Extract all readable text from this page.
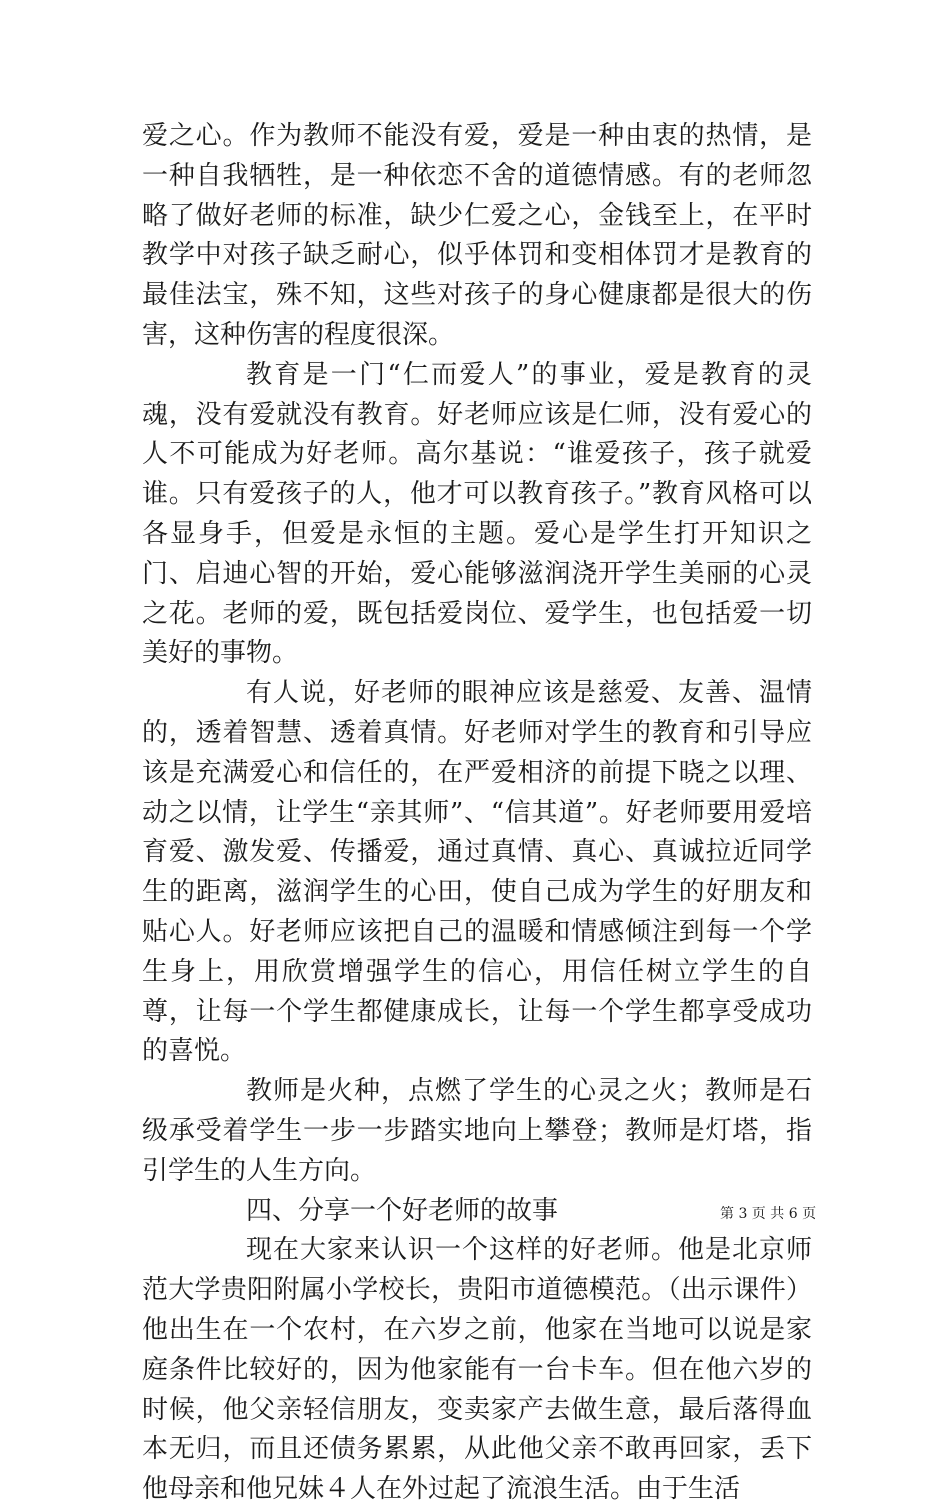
爱之心。作为教师不能没有爱，爱是一种由衷的热情，是一种自我牺牲，是一种依恋不舍的道德情感。有的老师忽略了做好老师的标准，缺少仁爱之心，金钱至上，在平时教学中对孩子缺乏耐心，似乎体罚和变相体罚才是教育的最佳法宝，殊不知，这些对孩子的身心健康都是很大的伤害，这种伤害的程度很深。

教育是一门“仁而爱人”的事业，爱是教育的灵魂，没有爱就没有教育。好老师应该是仁师，没有爱心的人不可能成为好老师。高尔基说：“谁爱孩子，孩子就爱谁。只有爱孩子的人，他才可以教育孩子。”教育风格可以各显身手，但爱是永恒的主题。爱心是学生打开知识之门、启迪心智的开始，爱心能够滋润浇开学生美丽的心灵之花。老师的爱，既包括爱岗位、爱学生，也包括爱一切美好的事物。

有人说，好老师的眼神应该是慈爱、友善、温情的，透着智慧、透着真情。好老师对学生的教育和引导应该是充满爱心和信任的，在严爱相济的前提下晓之以理、动之以情，让学生“亲其师”、“信其道”。好老师要用爱培育爱、激发爱、传播爱，通过真情、真心、真诚拉近同学生的距离，滋润学生的心田，使自己成为学生的好朋友和贴心人。好老师应该把自己的温暖和情感倾注到每一个学生身上，用欣赏增强学生的信心，用信任树立学生的自尊，让每一个学生都健康成长，让每一个学生都享受成功的喜悦。

教师是火种，点燃了学生的心灵之火；教师是石级承受着学生一步一步踏实地向上攀登；教师是灯塔，指引学生的人生方向。

四、分享一个好老师的故事

现在大家来认识一个这样的好老师。他是北京师范大学贵阳附属小学校长，贵阳市道德模范。（出示课件）他出生在一个农村，在六岁之前，他家在当地可以说是家庭条件比较好的，因为他家能有一台卡车。但在他六岁的时候，他父亲轻信朋友，变卖家产去做生意，最后落得血本无归，而且还债务累累，从此他父亲不敢再回家，丢下他母亲和他兄妹４人在外过起了流浪生活。由于生活

第 3 页 共 6 页
